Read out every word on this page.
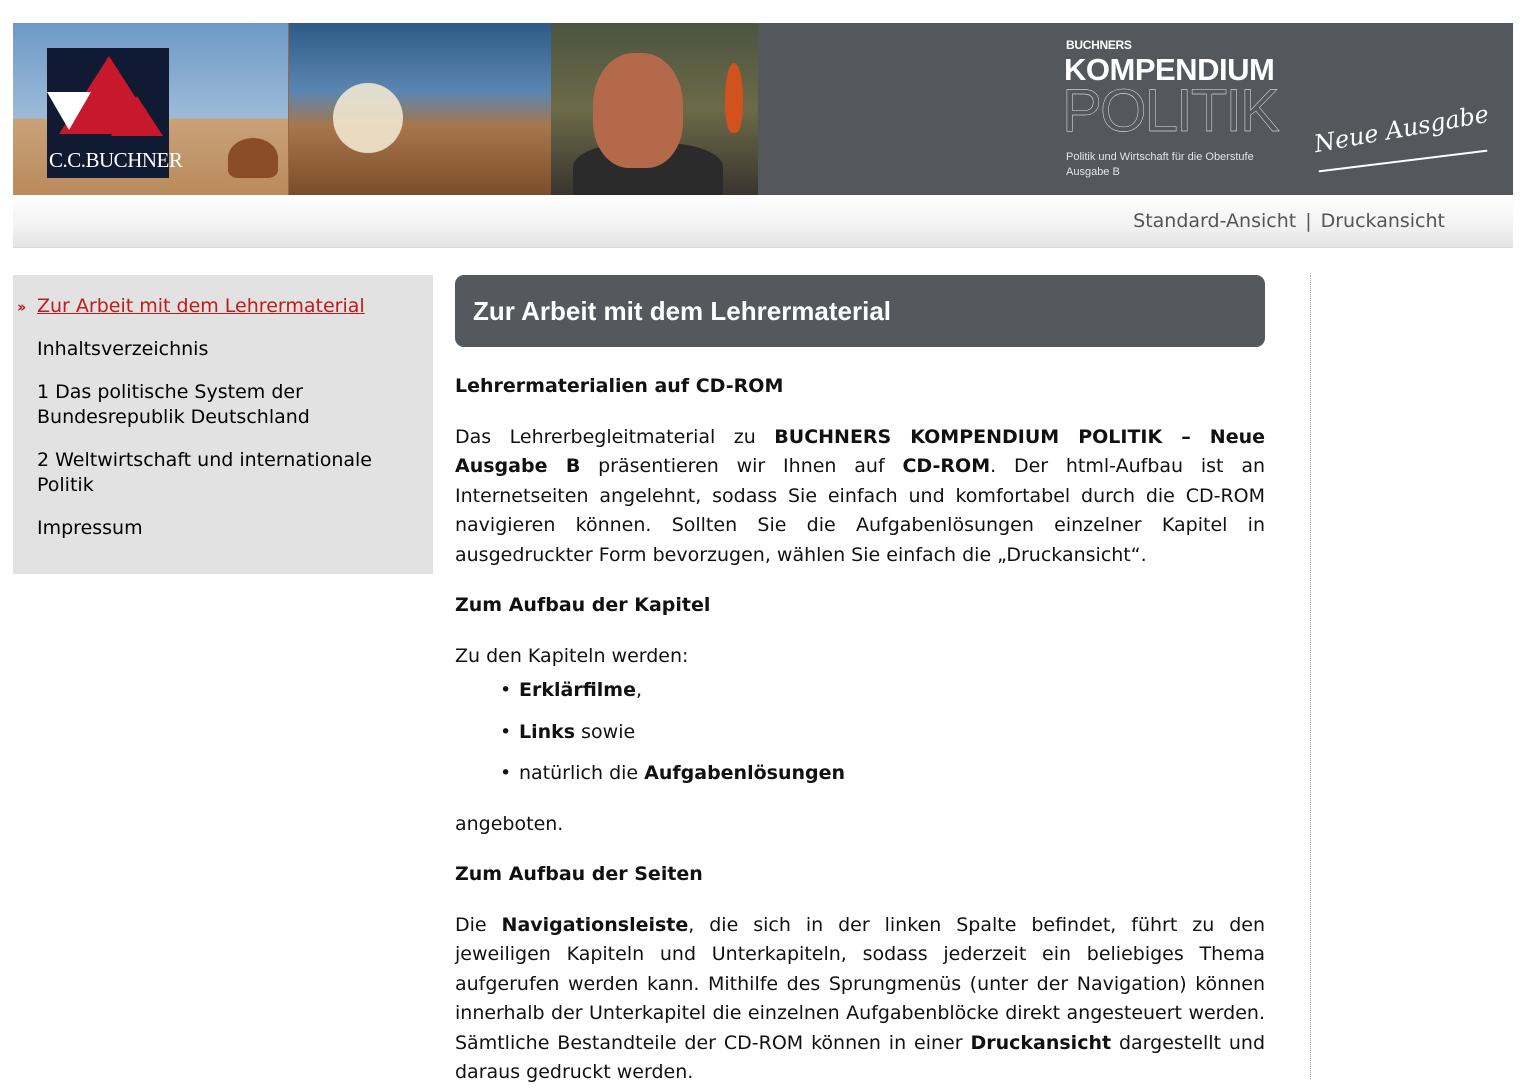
C.C.BUCHNER
BUCHNERS
KOMPENDIUM
POLITIK
Politik und Wirtschaft für die Oberstufe
Ausgabe B
Neue Ausgabe
Standard-Ansicht | Druckansicht
›› Zur Arbeit mit dem Lehrermaterial
Inhaltsverzeichnis
1 Das politische System der
Bundesrepublik Deutschland
2 Weltwirtschaft und internationale
Politik
Impressum
Zur Arbeit mit dem Lehrermaterial
Lehrermaterialien auf CD-ROM

Das Lehrerbegleitmaterial zu BUCHNERS KOMPENDIUM POLITIK – Neue Ausgabe B präsentieren wir Ihnen auf CD-ROM. Der html-Aufbau ist an Internetseiten angelehnt, sodass Sie einfach und komfortabel durch die CD-ROM navigieren können. Sollten Sie die Aufgabenlösungen einzelner Kapitel in ausgedruckter Form bevorzugen, wählen Sie einfach die „Druckansicht“.

Zum Aufbau der Kapitel

Zu den Kapiteln werden:

• Erklärfilme,
• Links sowie
• natürlich die Aufgabenlösungen

angeboten.

Zum Aufbau der Seiten

Die Navigationsleiste, die sich in der linken Spalte befindet, führt zu den jeweiligen Kapiteln und Unterkapiteln, sodass jederzeit ein beliebiges Thema aufgerufen werden kann. Mithilfe des Sprungmenüs (unter der Navigation) können innerhalb der Unterkapitel die einzelnen Aufgabenblöcke direkt angesteuert werden. Sämtliche Bestandteile der CD-ROM können in einer Druckansicht dargestellt und daraus gedruckt werden.
